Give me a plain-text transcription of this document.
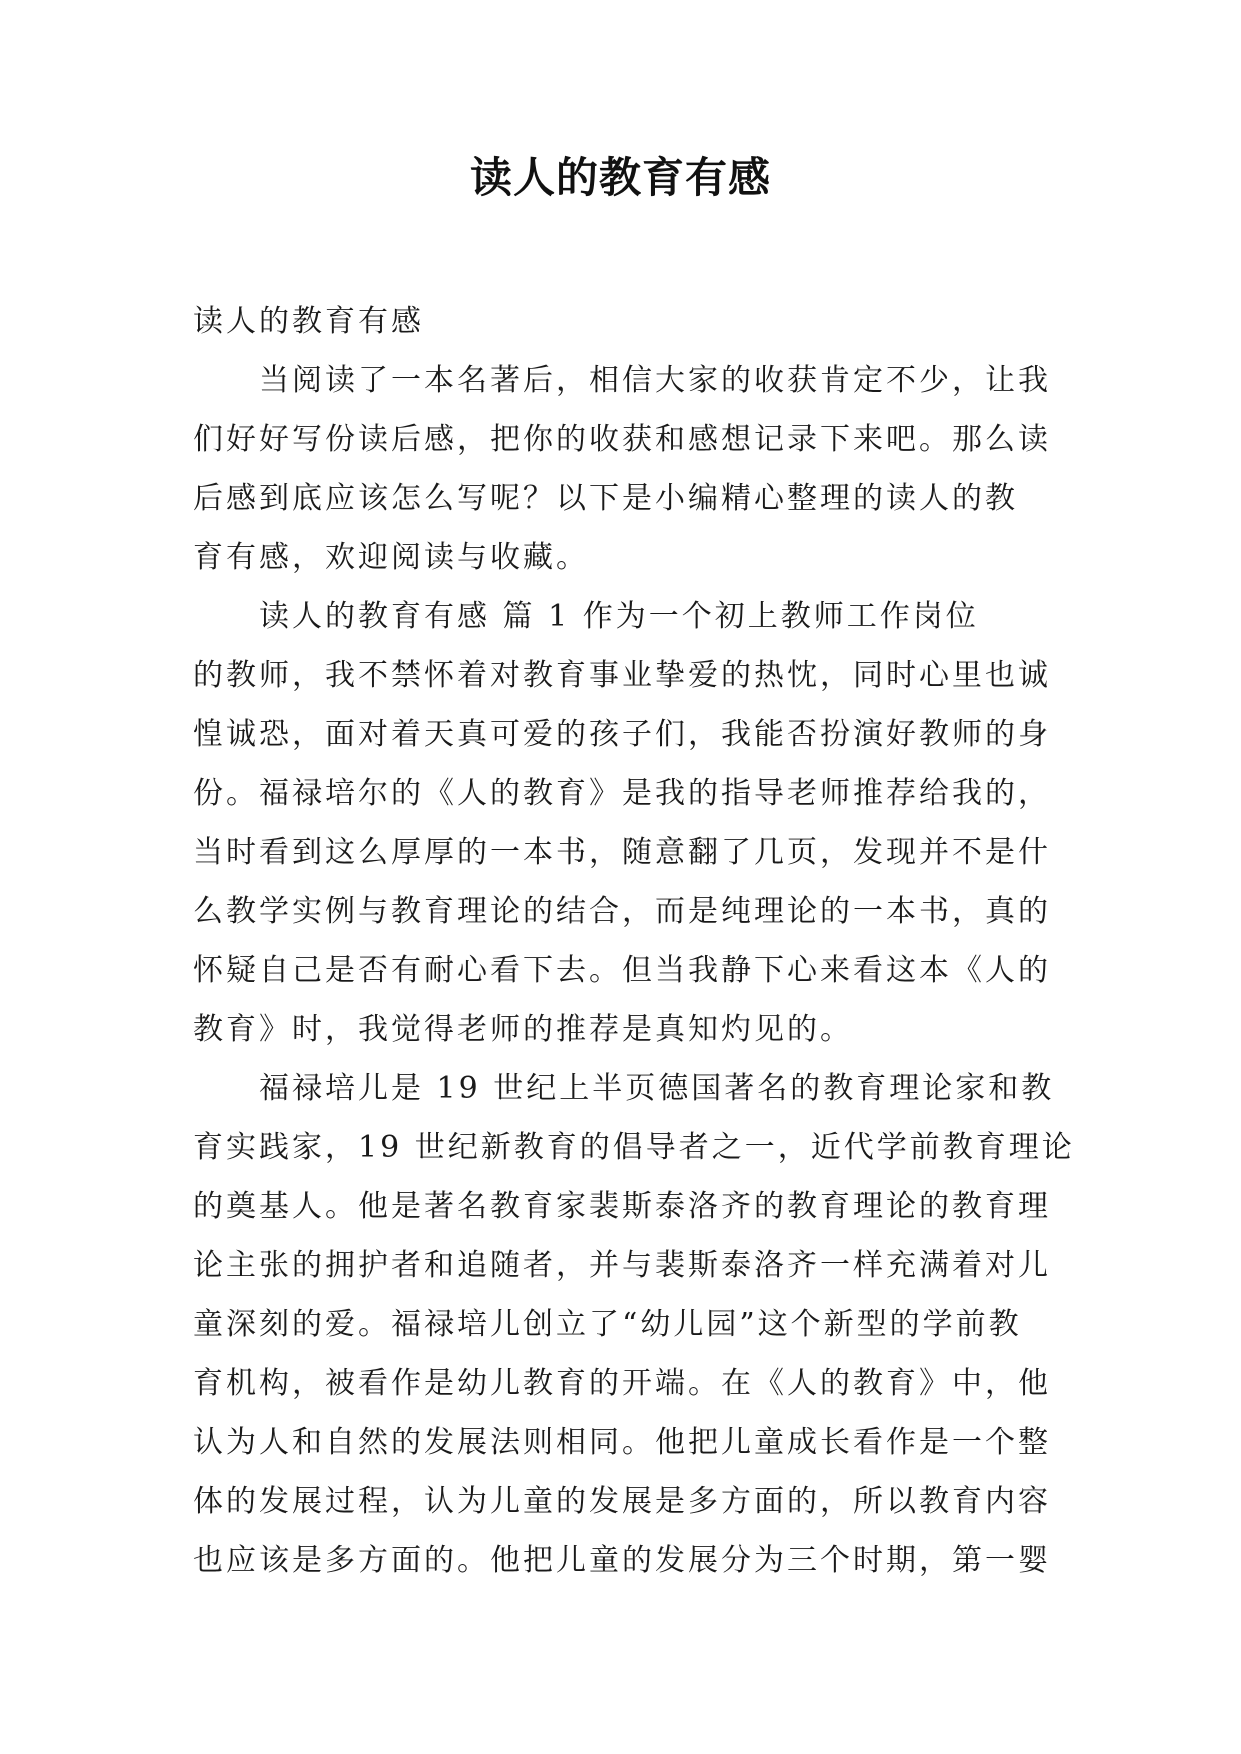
读人的教育有感
读人的教育有感
当阅读了一本名著后，相信大家的收获肯定不少，让我
们好好写份读后感，把你的收获和感想记录下来吧。那么读
后感到底应该怎么写呢？以下是小编精心整理的读人的教
育有感，欢迎阅读与收藏。
读人的教育有感 篇 1 作为一个初上教师工作岗位
的教师，我不禁怀着对教育事业挚爱的热忱，同时心里也诚
惶诚恐，面对着天真可爱的孩子们，我能否扮演好教师的身
份。福禄培尔的《人的教育》是我的指导老师推荐给我的，
当时看到这么厚厚的一本书，随意翻了几页，发现并不是什
么教学实例与教育理论的结合，而是纯理论的一本书，真的
怀疑自己是否有耐心看下去。但当我静下心来看这本《人的
教育》时，我觉得老师的推荐是真知灼见的。
福禄培儿是 19 世纪上半页德国著名的教育理论家和教
育实践家，19 世纪新教育的倡导者之一，近代学前教育理论
的奠基人。他是著名教育家裴斯泰洛齐的教育理论的教育理
论主张的拥护者和追随者，并与裴斯泰洛齐一样充满着对儿
童深刻的爱。福禄培儿创立了“幼儿园”这个新型的学前教
育机构，被看作是幼儿教育的开端。在《人的教育》中，他
认为人和自然的发展法则相同。他把儿童成长看作是一个整
体的发展过程，认为儿童的发展是多方面的，所以教育内容
也应该是多方面的。他把儿童的发展分为三个时期，第一婴
